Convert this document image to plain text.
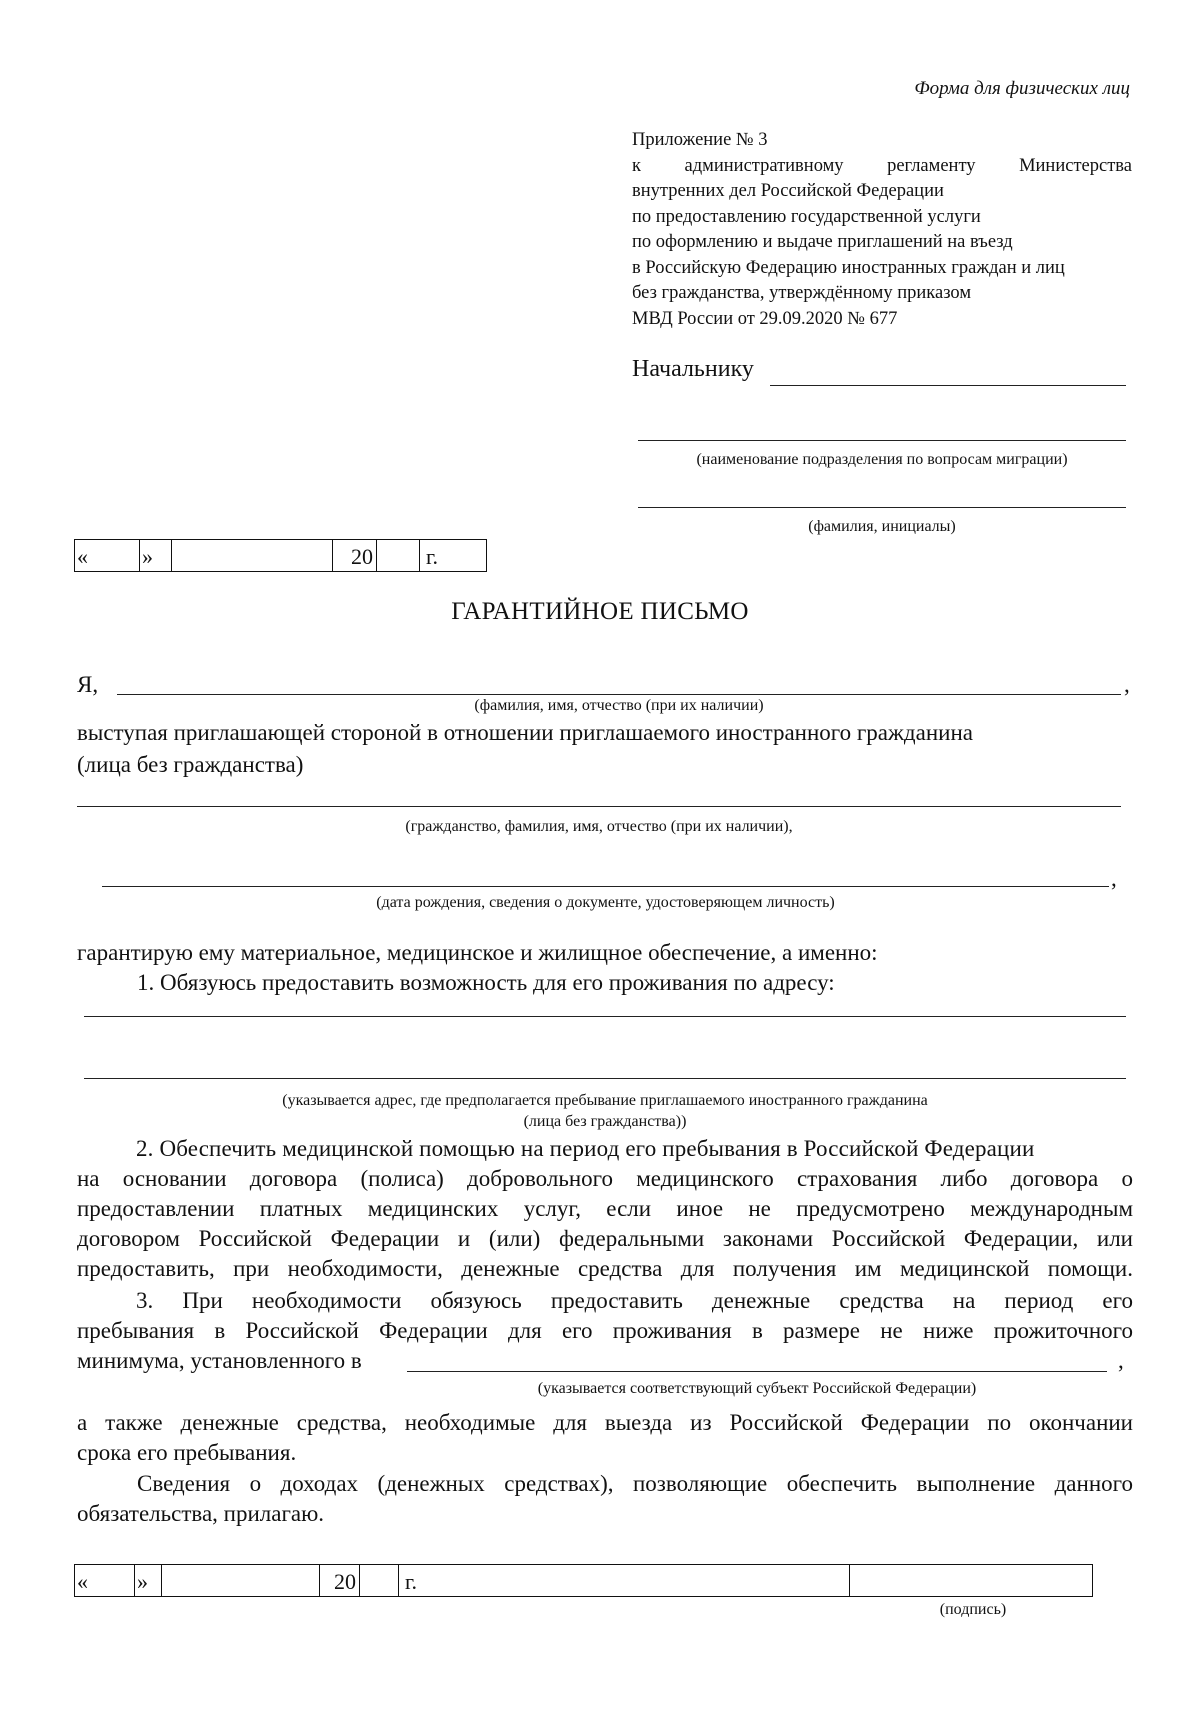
Форма для физических лиц
Приложение № 3
к административному регламенту Министерства
внутренних дел Российской Федерации
по предоставлению государственной услуги
по оформлению и выдаче приглашений на въезд
в Российскую Федерацию иностранных граждан и лиц
без гражданства, утверждённому приказом
МВД России от 29.09.2020 № 677
Начальнику
(наименование подразделения по вопросам миграции)
(фамилия, инициалы)
«	»		20		г.
ГАРАНТИЙНОЕ ПИСЬМО
Я,	,
(фамилия, имя, отчество (при их наличии)
выступая приглашающей стороной в отношении приглашаемого иностранного гражданина
(лица без гражданства)
(гражданство, фамилия, имя, отчество (при их наличии),
,
(дата рождения, сведения о документе, удостоверяющем личность)
гарантирую ему материальное, медицинское и жилищное обеспечение, а именно:
1. Обязуюсь предоставить возможность для его проживания по адресу:
(указывается адрес, где предполагается пребывание приглашаемого иностранного гражданина
(лица без гражданства))
2. Обеспечить медицинской помощью на период его пребывания в Российской Федерации
на основании договора (полиса) добровольного медицинского страхования либо договора о
предоставлении платных медицинских услуг, если иное не предусмотрено международным
договором Российской Федерации и (или) федеральными законами Российской Федерации, или
предоставить, при необходимости, денежные средства для получения им медицинской помощи.
3. При необходимости обязуюсь предоставить денежные средства на период его
пребывания в Российской Федерации для его проживания в размере не ниже прожиточного
минимума, установленного в	,
(указывается соответствующий субъект Российской Федерации)
а также денежные средства, необходимые для выезда из Российской Федерации по окончании
срока его пребывания.
Сведения о доходах (денежных средствах), позволяющие обеспечить выполнение данного
обязательства, прилагаю.
«	»		20		г.	
(подпись)
